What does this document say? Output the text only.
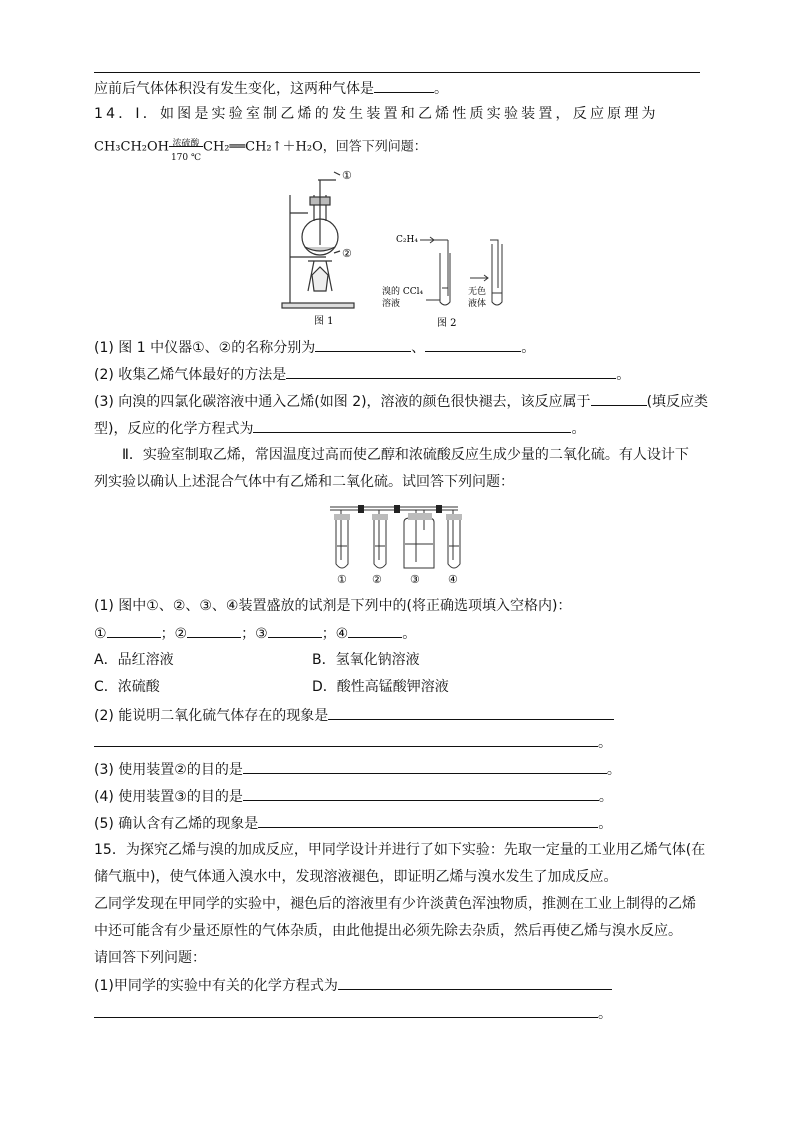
应前后气体体积没有发生变化，这两种气体是	。
14．Ⅰ．如图是实验室制乙烯的发生装置和乙烯性质实验装置，反应原理为
CH₃CH₂OH 浓硫酸
170 ℃
CH₂══CH₂↑＋H₂O，回答下列问题：
①
②
图 1
C₂H₄
溴的 CCl₄
溶液
无色
液体
图 2
(1) 图 1 中仪器①、②的名称分别为	、	。
(2) 收集乙烯气体最好的方法是	。
(3) 向溴的四氯化碳溶液中通入乙烯(如图 2)，溶液的颜色很快褪去，该反应属于	(填反应类
型)，反应的化学方程式为	。
Ⅱ．实验室制取乙烯，常因温度过高而使乙醇和浓硫酸反应生成少量的二氧化硫。有人设计下
列实验以确认上述混合气体中有乙烯和二氧化硫。试回答下列问题：
① ②	③	④
(1) 图中①、②、③、④装置盛放的试剂是下列中的(将正确选项填入空格内)：
①	；②	；③	；④	。
A．品红溶液	B．氢氧化钠溶液
C．浓硫酸	D．酸性高锰酸钾溶液
(2) 能说明二氧化硫气体存在的现象是
。
(3) 使用装置②的目的是	。
(4) 使用装置③的目的是	。
(5) 确认含有乙烯的现象是	。
15．为探究乙烯与溴的加成反应，甲同学设计并进行了如下实验：先取一定量的工业用乙烯气体(在
储气瓶中)，使气体通入溴水中，发现溶液褪色，即证明乙烯与溴水发生了加成反应。
乙同学发现在甲同学的实验中，褪色后的溶液里有少许淡黄色浑浊物质，推测在工业上制得的乙烯
中还可能含有少量还原性的气体杂质，由此他提出必须先除去杂质，然后再使乙烯与溴水反应。
请回答下列问题：
(1)甲同学的实验中有关的化学方程式为
。
